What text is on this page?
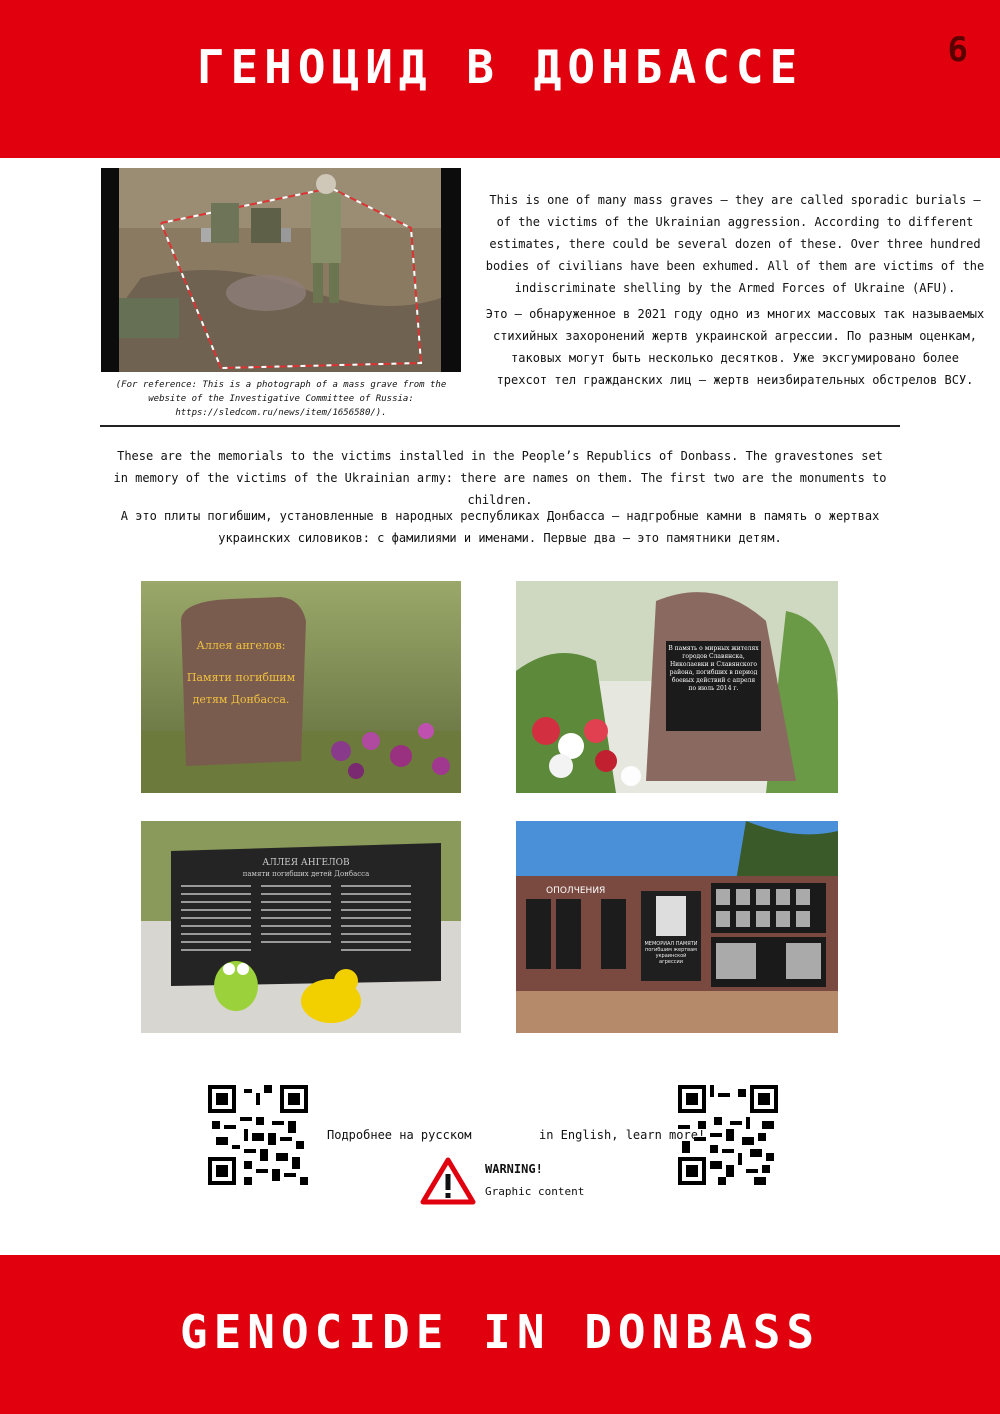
ГЕНОЦИД В ДОНБАССЕ	6
(For reference: This is a photograph of a mass grave from the website of the Investigative Committee of Russia: https://sledcom.ru/news/item/1656580/).
This is one of many mass graves – they are called sporadic burials – of the victims of the Ukrainian aggression. According to different estimates, there could be several dozen of these. Over three hundred bodies of civilians have been exhumed. All of them are victims of the indiscriminate shelling by the Armed Forces of Ukraine (AFU).
Это – обнаруженное в 2021 году одно из многих массовых так называемых стихийных захоронений жертв украинской агрессии. По разным оценкам, таковых могут быть несколько десятков. Уже эксгумировано более трехсот тел гражданских лиц – жертв неизбирательных обстрелов ВСУ.
These are the memorials to the victims installed in the People’s Republics of Donbass. The gravestones set in memory of the victims of the Ukrainian army: there are names on them. The first two are the monuments to children.
А это плиты погибшим, установленные в народных республиках Донбасса – надгробные камни в память о жертвах украинских силовиков: с фамилиями и именами. Первые два – это памятники детям.
Аллея ангелов:
Памяти погибшим
детям Донбасса.
В память о мирных жителях городов Славянска, Николаевки и Славянского района, погибших в период боевых действий с апреля по июль 2014 г.
АЛЛЕЯ АНГЕЛОВ
памяти погибших детей Донбасса
ОПОЛЧЕНИЯ
МЕМОРИАЛ ПАМЯТИ погибшим жертвам украинской агрессии
Подробнее на русском	in English, learn more!
WARNING!
Graphic content
GENOCIDE IN DONBASS
